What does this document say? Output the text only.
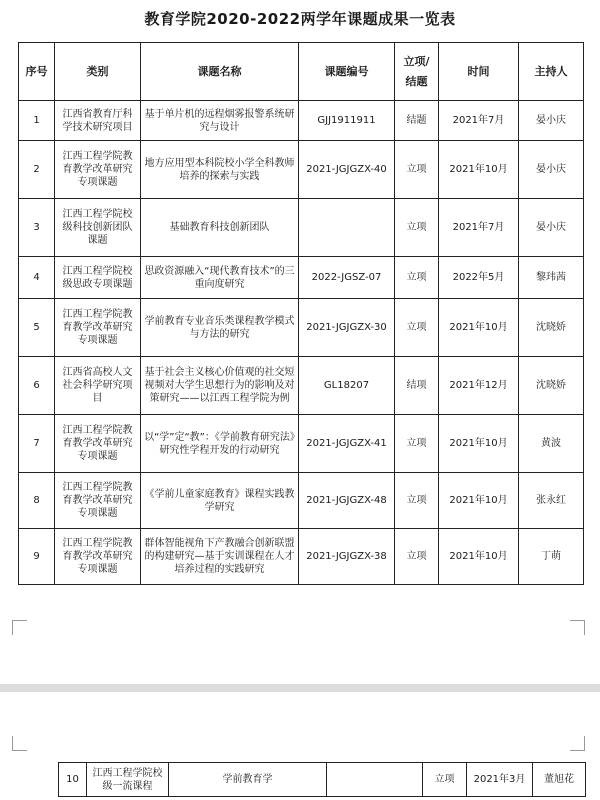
教育学院2020-2022两学年课题成果一览表
序号	类别	课题名称	课题编号	立项/结题	时间	主持人
1	江西省教育厅科学技术研究项目	基于单片机的远程烟雾报警系统研究与设计	GJJ1911911	结题	2021年7月	晏小庆
2	江西工程学院教育教学改革研究专项课题	地方应用型本科院校小学全科教师培养的探索与实践	2021-JGJGZX-40	立项	2021年10月	晏小庆
3	江西工程学院校级科技创新团队课题	基础教育科技创新团队		立项	2021年7月	晏小庆
4	江西工程学院校级思政专项课题	思政资源融入“现代教育技术”的三重向度研究	2022-JGSZ-07	立项	2022年5月	黎玮茜
5	江西工程学院教育教学改革研究专项课题	学前教育专业音乐类课程教学模式与方法的研究	2021-JGJGZX-30	立项	2021年10月	沈晓娇
6	江西省高校人文社会科学研究项目	基于社会主义核心价值观的社交短视频对大学生思想行为的影响及对策研究——以江西工程学院为例	GL18207	结项	2021年12月	沈晓娇
7	江西工程学院教育教学改革研究专项课题	以“学”定“教”：《学前教育研究法》研究性学程开发的行动研究	2021-JGJGZX-41	立项	2021年10月	黄波
8	江西工程学院教育教学改革研究专项课题	《学前儿童家庭教育》课程实践教学研究	2021-JGJGZX-48	立项	2021年10月	张永红
9	江西工程学院教育教学改革研究专项课题	群体智能视角下产教融合创新联盟的构建研究—基于实训课程在人才培养过程的实践研究	2021-JGJGZX-38	立项	2021年10月	丁萌
10	江西工程学院校级一流课程	学前教育学		立项	2021年3月	董旭花
